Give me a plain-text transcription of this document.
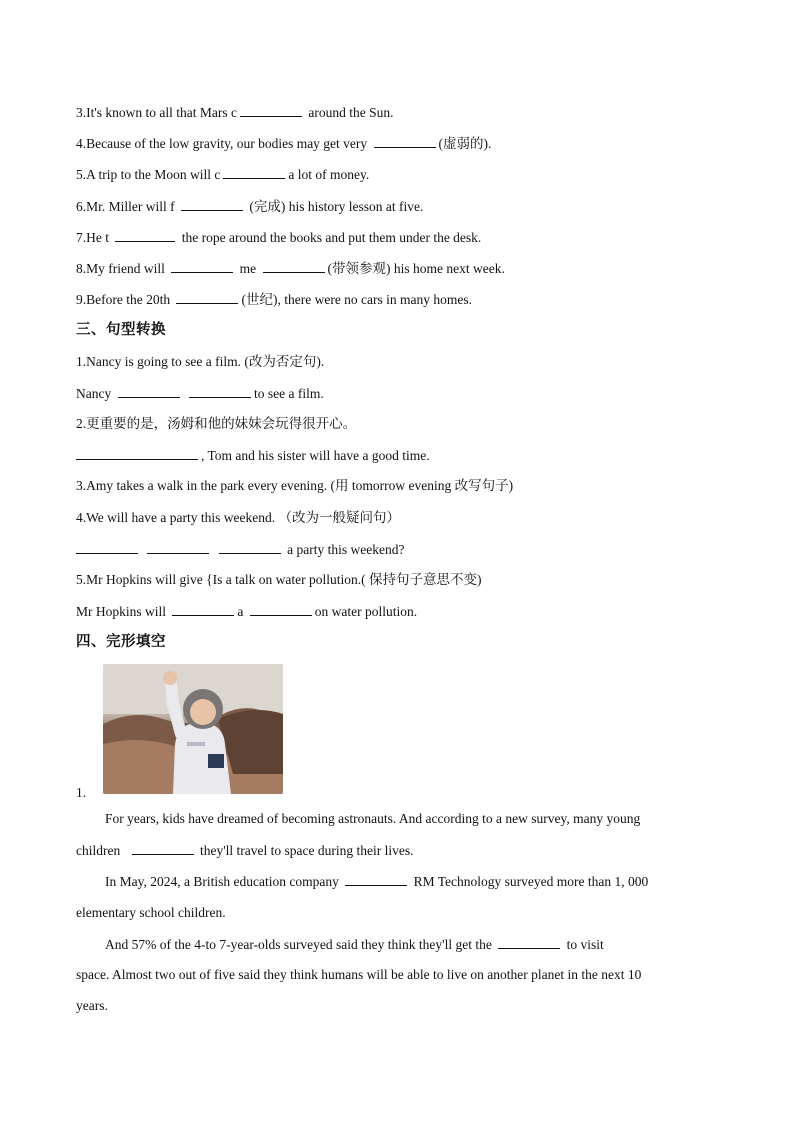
3.It's known to all that Mars c	around the Sun.
4.Because of the low gravity, our bodies may get very	(虚弱的).
5.A trip to the Moon will c	a lot of money.
6.Mr. Miller will f	(完成) his history lesson at five.
7.He t	the rope around the books and put them under the desk.
8.My friend will	me	(带领参观) his home next week.
9.Before the 20th	(世纪), there were no cars in many homes.
三、句型转换
1.Nancy is going to see a film. (改为否定句).
Nancy	to see a film.
2.更重要的是，汤姆和他的妹妹会玩得很开心。
, Tom and his sister will have a good time.
3.Amy takes a walk in the park every evening. (用 tomorrow evening 改写句子)
4.We will have a party this weekend. （改为一般疑问句）
a party this weekend?
5.Mr Hopkins will give {Is a talk on water pollution.( 保持句子意思不变)
Mr Hopkins will	a	on water pollution.
四、完形填空
1.
For years, kids have dreamed of becoming astronauts. And according to a new survey, many young
children	they'll travel to space during their lives.
In May, 2024, a British education company	RM Technology surveyed more than 1, 000
elementary school children.
And 57% of the 4-to 7-year-olds surveyed said they think they'll get the	to visit
space. Almost two out of five said they think humans will be able to live on another planet in the next 10
years.
